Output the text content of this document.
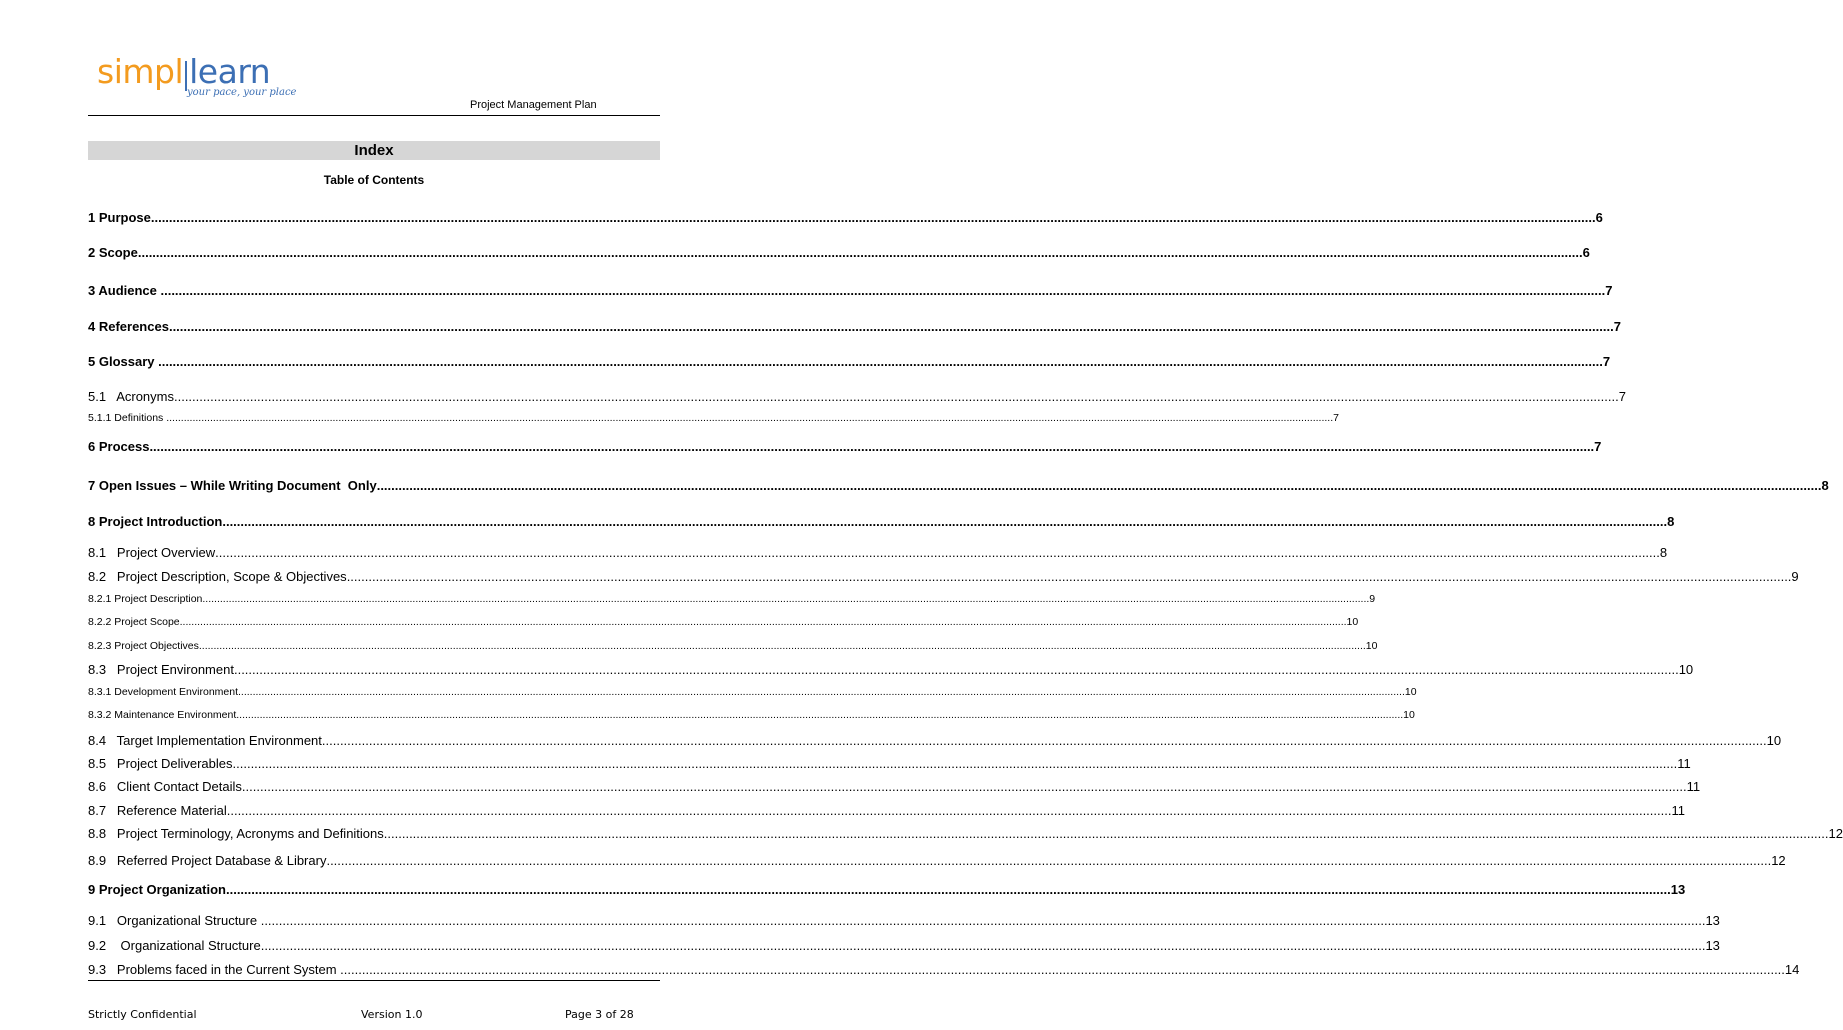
simpl learn
your pace, your place
Project Management Plan
Index
Table of Contents
1 Purpose ................................................................................................................................................................................................................................................................................................................................................................................................................ 6
2 Scope ................................................................................................................................................................................................................................................................................................................................................................................................................ 6
3 Audience ................................................................................................................................................................................................................................................................................................................................................................................................................ 7
4 References ................................................................................................................................................................................................................................................................................................................................................................................................................ 7
5 Glossary ................................................................................................................................................................................................................................................................................................................................................................................................................ 7
5.1   Acronyms ................................................................................................................................................................................................................................................................................................................................................................................................................ 7
5.1.1 Definitions ................................................................................................................................................................................................................................................................................................................................................................................................................ 7
6 Process ................................................................................................................................................................................................................................................................................................................................................................................................................ 7
7 Open Issues – While Writing Document  Only ................................................................................................................................................................................................................................................................................................................................................................................................................ 8
8 Project Introduction ................................................................................................................................................................................................................................................................................................................................................................................................................ 8
8.1   Project Overview ................................................................................................................................................................................................................................................................................................................................................................................................................ 8
8.2   Project Description, Scope & Objectives ................................................................................................................................................................................................................................................................................................................................................................................................................ 9
8.2.1 Project Description ................................................................................................................................................................................................................................................................................................................................................................................................................ 9
8.2.2 Project Scope ................................................................................................................................................................................................................................................................................................................................................................................................................ 10
8.2.3 Project Objectives ................................................................................................................................................................................................................................................................................................................................................................................................................ 10
8.3   Project Environment ................................................................................................................................................................................................................................................................................................................................................................................................................ 10
8.3.1 Development Environment ................................................................................................................................................................................................................................................................................................................................................................................................................ 10
8.3.2 Maintenance Environment ................................................................................................................................................................................................................................................................................................................................................................................................................ 10
8.4   Target Implementation Environment ................................................................................................................................................................................................................................................................................................................................................................................................................ 10
8.5   Project Deliverables ................................................................................................................................................................................................................................................................................................................................................................................................................ 11
8.6   Client Contact Details ................................................................................................................................................................................................................................................................................................................................................................................................................ 11
8.7   Reference Material ................................................................................................................................................................................................................................................................................................................................................................................................................ 11
8.8   Project Terminology, Acronyms and Definitions ................................................................................................................................................................................................................................................................................................................................................................................................................ 12
8.9   Referred Project Database & Library ................................................................................................................................................................................................................................................................................................................................................................................................................ 12
9 Project Organization ................................................................................................................................................................................................................................................................................................................................................................................................................ 13
9.1   Organizational Structure ................................................................................................................................................................................................................................................................................................................................................................................................................ 13
9.2    Organizational Structure ................................................................................................................................................................................................................................................................................................................................................................................................................ 13
9.3   Problems faced in the Current System ................................................................................................................................................................................................................................................................................................................................................................................................................ 14
Strictly Confidential	Version 1.0	Page 3 of 28
